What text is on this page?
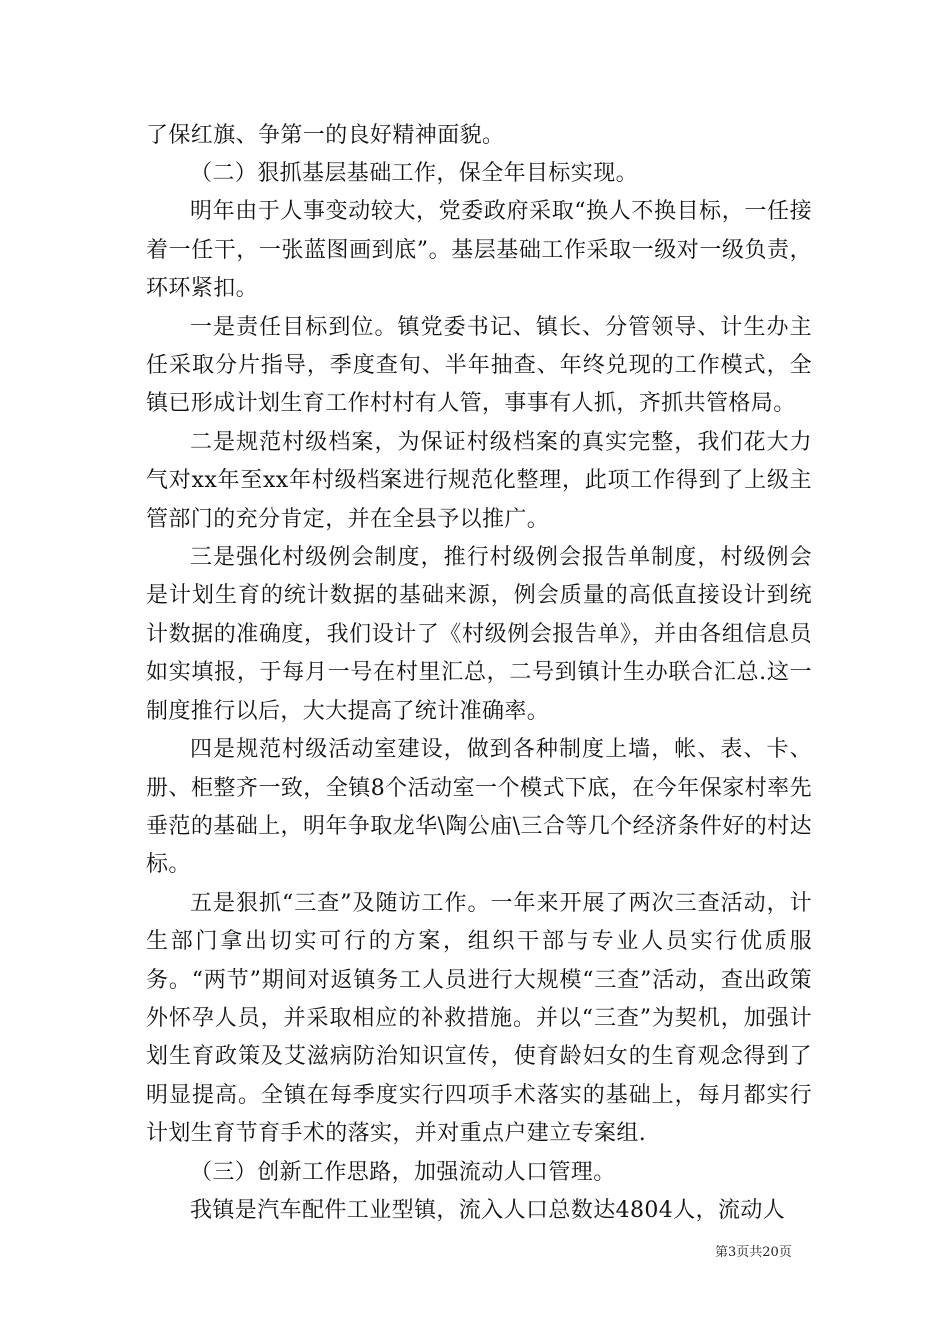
了保红旗、争第一的良好精神面貌。

（二）狠抓基层基础工作，保全年目标实现。

明年由于人事变动较大，党委政府采取“换人不换目标，一任接着一任干，一张蓝图画到底”。基层基础工作采取一级对一级负责，环环紧扣。

一是责任目标到位。镇党委书记、镇长、分管领导、计生办主任采取分片指导，季度查旬、半年抽查、年终兑现的工作模式，全镇已形成计划生育工作村村有人管，事事有人抓，齐抓共管格局。

二是规范村级档案，为保证村级档案的真实完整，我们花大力气对xx年至xx年村级档案进行规范化整理，此项工作得到了上级主管部门的充分肯定，并在全县予以推广。

三是强化村级例会制度，推行村级例会报告单制度，村级例会是计划生育的统计数据的基础来源，例会质量的高低直接设计到统计数据的准确度，我们设计了《村级例会报告单》，并由各组信息员如实填报，于每月一号在村里汇总，二号到镇计生办联合汇总.这一制度推行以后，大大提高了统计准确率。

四是规范村级活动室建设，做到各种制度上墙，帐、表、卡、册、柜整齐一致，全镇8个活动室一个模式下底，在今年保家村率先垂范的基础上，明年争取龙华\陶公庙\三合等几个经济条件好的村达标。

五是狠抓“三查”及随访工作。一年来开展了两次三查活动，计生部门拿出切实可行的方案，组织干部与专业人员实行优质服务。“两节”期间对返镇务工人员进行大规模“三查”活动，查出政策外怀孕人员，并采取相应的补救措施。并以“三查”为契机，加强计划生育政策及艾滋病防治知识宣传，使育龄妇女的生育观念得到了明显提高。全镇在每季度实行四项手术落实的基础上，每月都实行计划生育节育手术的落实，并对重点户建立专案组.

（三）创新工作思路，加强流动人口管理。

我镇是汽车配件工业型镇，流入人口总数达4804人，流动人

第3页共20页
